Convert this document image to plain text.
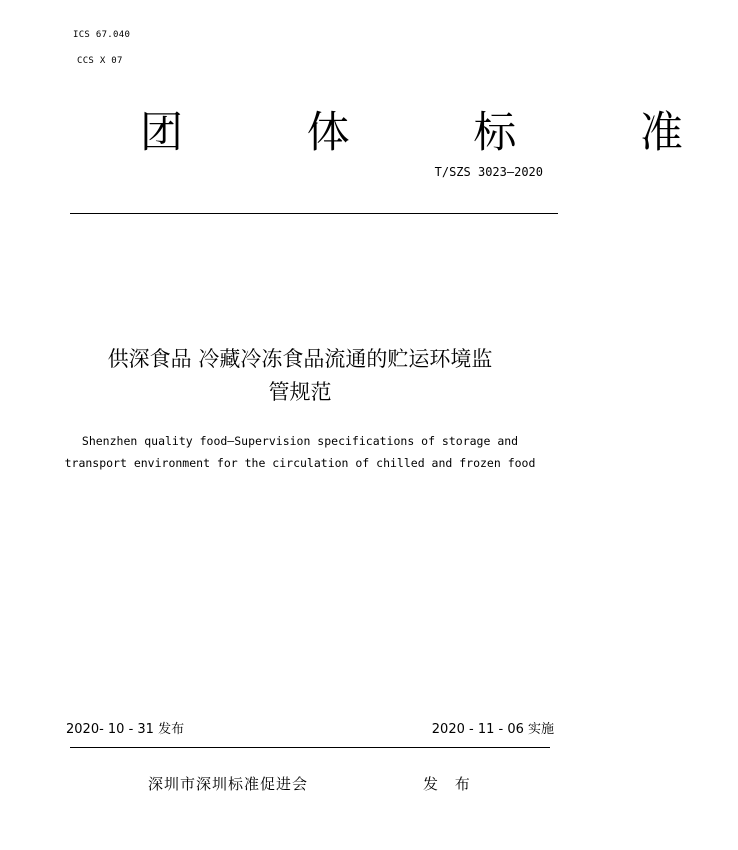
ICS 67.040
CCS X 07
团 体 标 准
T/SZS 3023—2020
供深食品 冷藏冷冻食品流通的贮运环境监
管规范
Shenzhen quality food—Supervision specifications of storage and
transport environment for the circulation of chilled and frozen food
2020- 10 - 31 发布	2020 - 11 - 06 实施
深圳市深圳标准促进会	发 布
